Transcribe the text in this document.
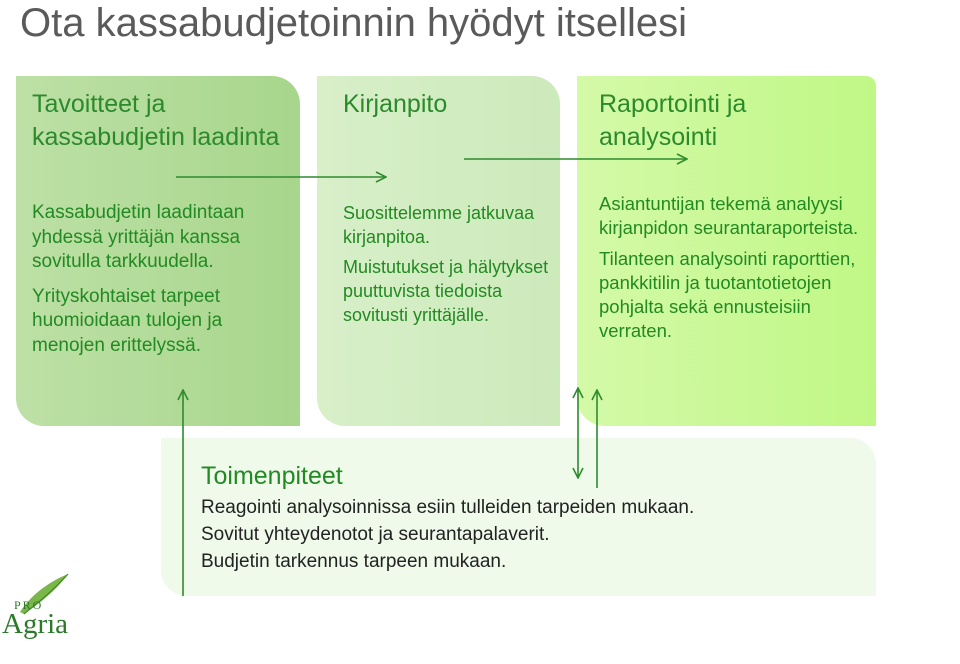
Ota kassabudjetoinnin hyödyt itsellesi
Tavoitteet ja kassabudjetin laadinta

Kassabudjetin laadintaan yhdessä yrittäjän kanssa sovitulla tarkkuudella.

Yrityskohtaiset tarpeet huomioidaan tulojen ja menojen erittelyssä.

Kirjanpito

Suosittelemme jatkuvaa kirjanpitoa.

Muistutukset ja hälytykset puuttuvista tiedoista sovitusti yrittäjälle.

Raportointi ja analysointi

Asiantuntijan tekemä analyysi kirjanpidon seurantaraporteista.

Tilanteen analysointi raporttien, pankkitilin ja tuotantotietojen pohjalta sekä ennusteisiin verraten.

Toimenpiteet

Reagointi analysoinnissa esiin tulleiden tarpeiden mukaan.

Sovitut yhteydenotot ja seurantapalaverit.

Budjetin tarkennus tarpeen mukaan.

PRO
Agria
